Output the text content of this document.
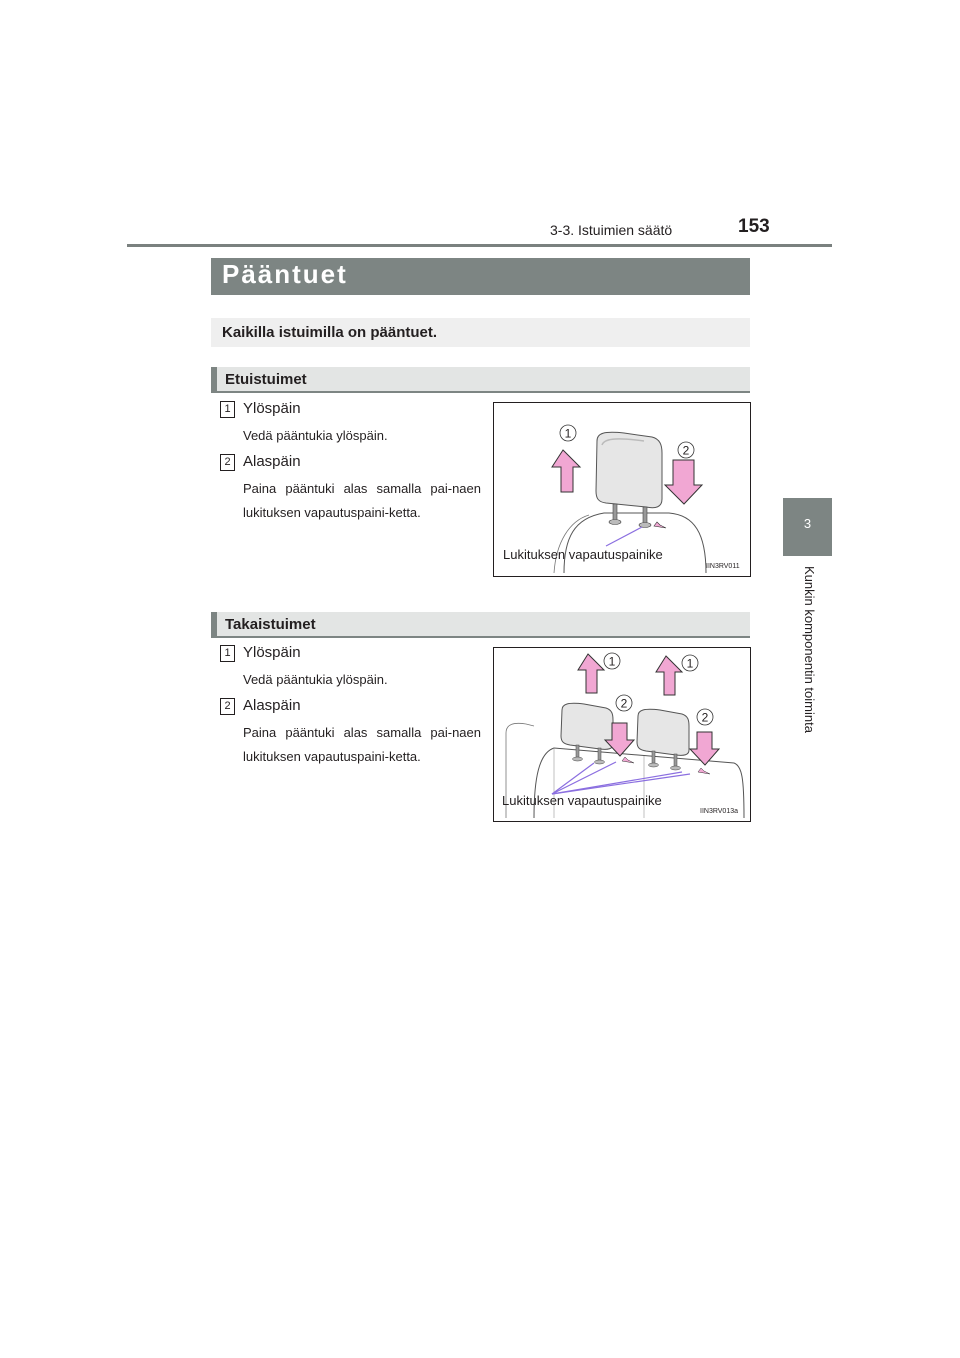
3-3. Istuimien säätö	153
3
Kunkin komponentin toiminta
Pääntuet
Kaikilla istuimilla on pääntuet.
Etuistuimet
1 Ylöspäin
Vedä pääntukia ylöspäin.
2 Alaspäin
Paina pääntuki alas samalla pai-naen lukituksen vapautuspaini-ketta.
1
2
Lukituksen vapautuspainike
IIN3RV011
Takaistuimet
1 Ylöspäin
Vedä pääntukia ylöspäin.
2 Alaspäin
Paina pääntuki alas samalla pai-naen lukituksen vapautuspaini-ketta.
1	1
2
2
Lukituksen vapautuspainike
IIN3RV013a
